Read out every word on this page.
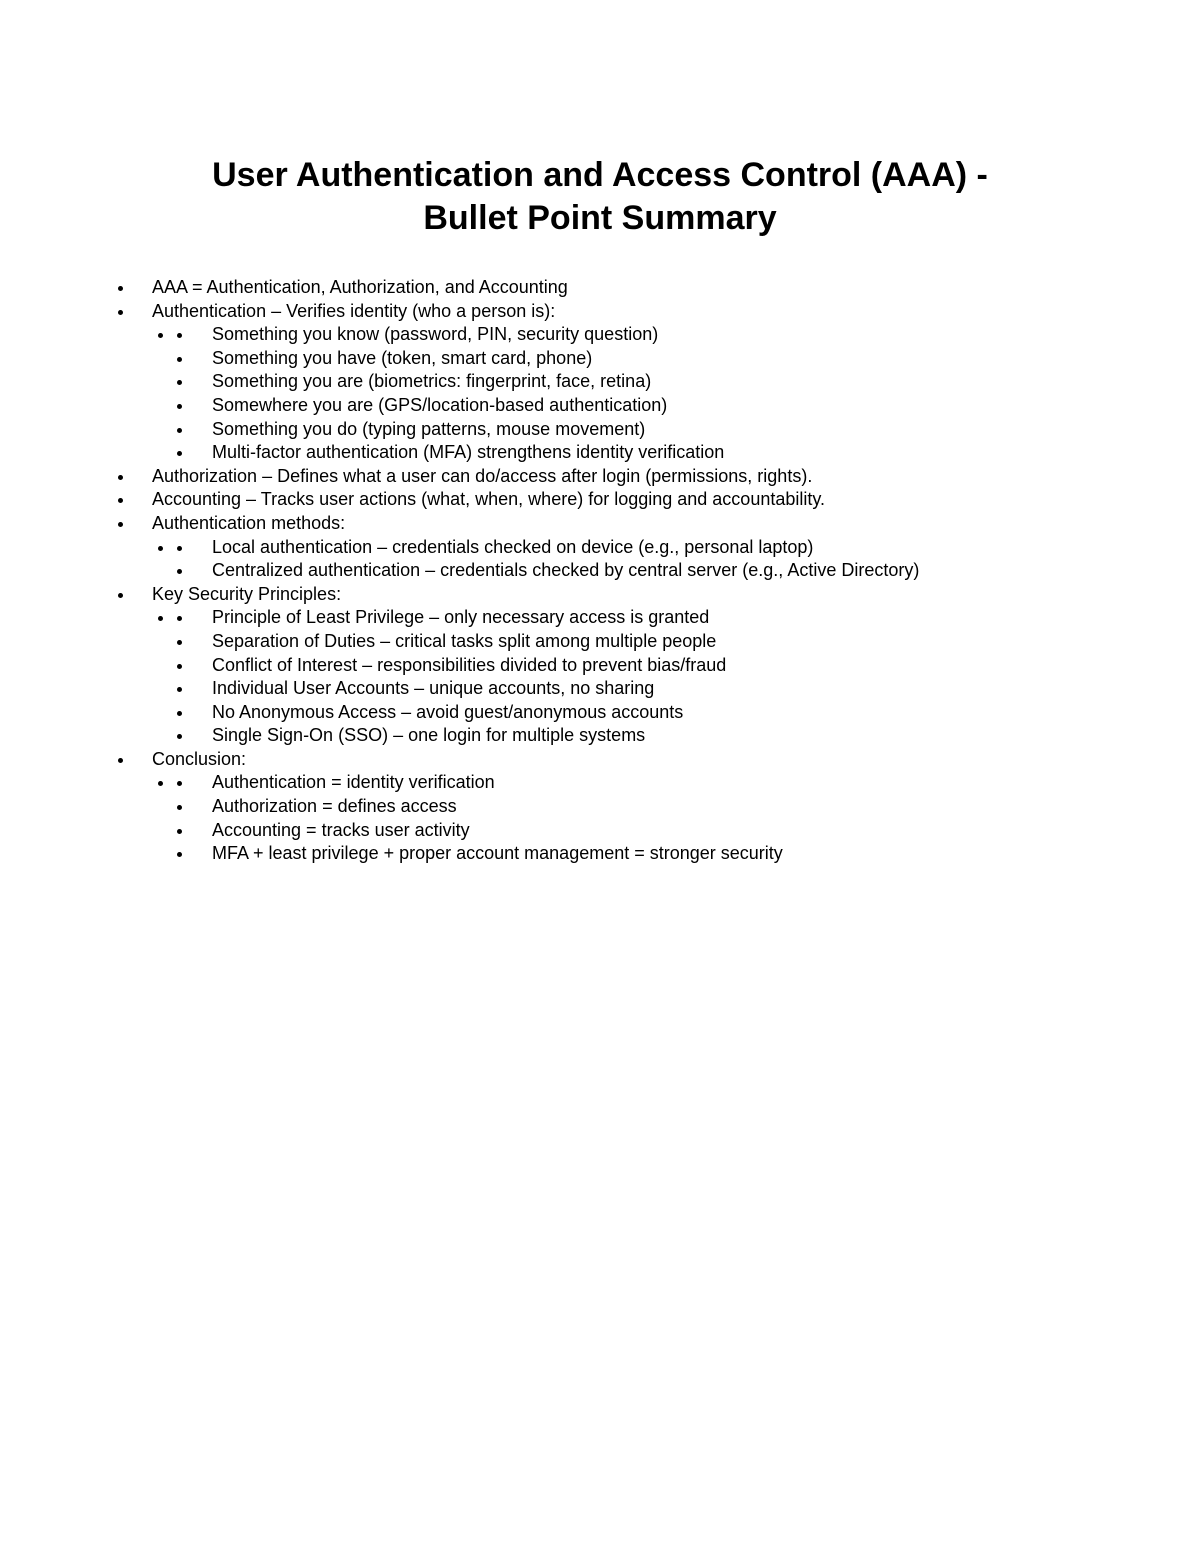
User Authentication and Access Control (AAA) -
Bullet Point Summary
AAA = Authentication, Authorization, and Accounting
Authentication – Verifies identity (who a person is):
Something you know (password, PIN, security question)
Something you have (token, smart card, phone)
Something you are (biometrics: fingerprint, face, retina)
Somewhere you are (GPS/location-based authentication)
Something you do (typing patterns, mouse movement)
Multi-factor authentication (MFA) strengthens identity verification
Authorization – Defines what a user can do/access after login (permissions, rights).
Accounting – Tracks user actions (what, when, where) for logging and accountability.
Authentication methods:
Local authentication – credentials checked on device (e.g., personal laptop)
Centralized authentication – credentials checked by central server (e.g., Active Directory)
Key Security Principles:
Principle of Least Privilege – only necessary access is granted
Separation of Duties – critical tasks split among multiple people
Conflict of Interest – responsibilities divided to prevent bias/fraud
Individual User Accounts – unique accounts, no sharing
No Anonymous Access – avoid guest/anonymous accounts
Single Sign-On (SSO) – one login for multiple systems
Conclusion:
Authentication = identity verification
Authorization = defines access
Accounting = tracks user activity
MFA + least privilege + proper account management = stronger security
